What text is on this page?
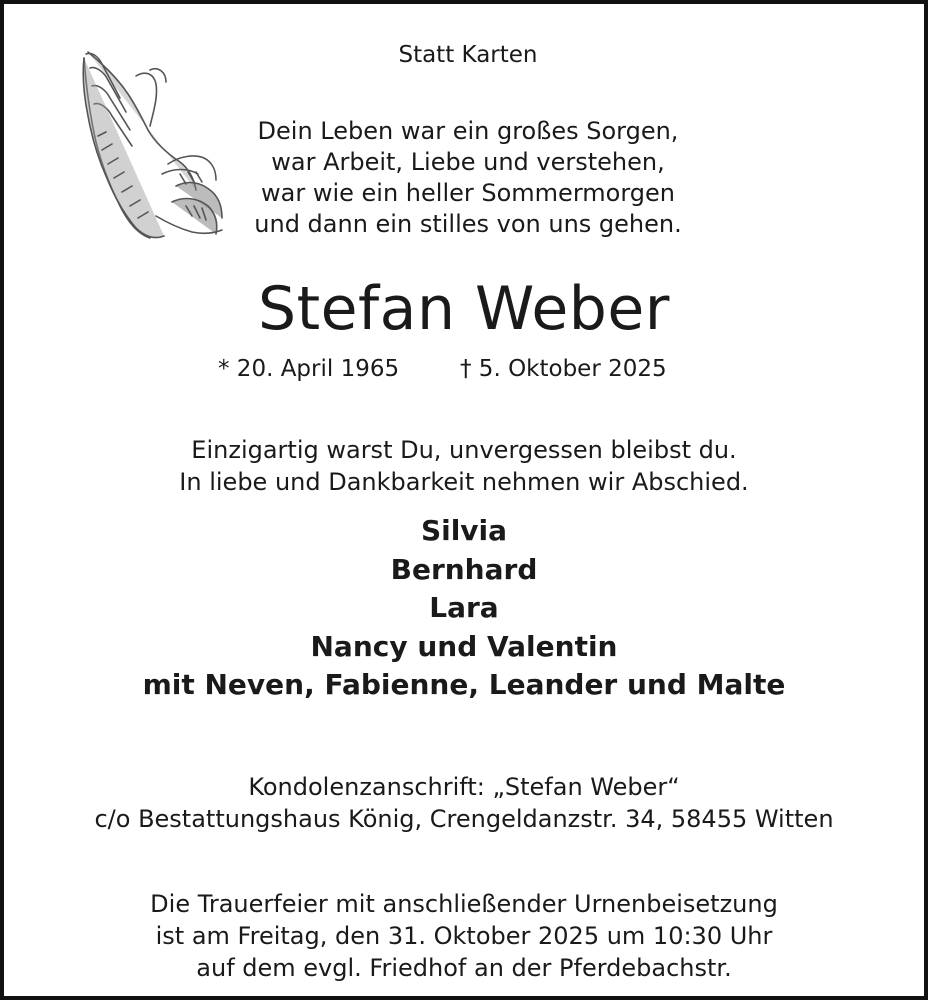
Statt Karten
Dein Leben war ein großes Sorgen,
war Arbeit, Liebe und verstehen,
war wie ein heller Sommermorgen
und dann ein stilles von uns gehen.
Stefan Weber
* 20. April 1965	† 5. Oktober 2025
Einzigartig warst Du, unvergessen bleibst du.
In liebe und Dankbarkeit nehmen wir Abschied.
Silvia
Bernhard
Lara
Nancy und Valentin
mit Neven, Fabienne, Leander und Malte
Kondolenzanschrift: „Stefan Weber“
c/o Bestattungshaus König, Crengeldanzstr. 34, 58455 Witten
Die Trauerfeier mit anschließender Urnenbeisetzung
ist am Freitag, den 31. Oktober 2025 um 10:30 Uhr
auf dem evgl. Friedhof an der Pferdebachstr.
